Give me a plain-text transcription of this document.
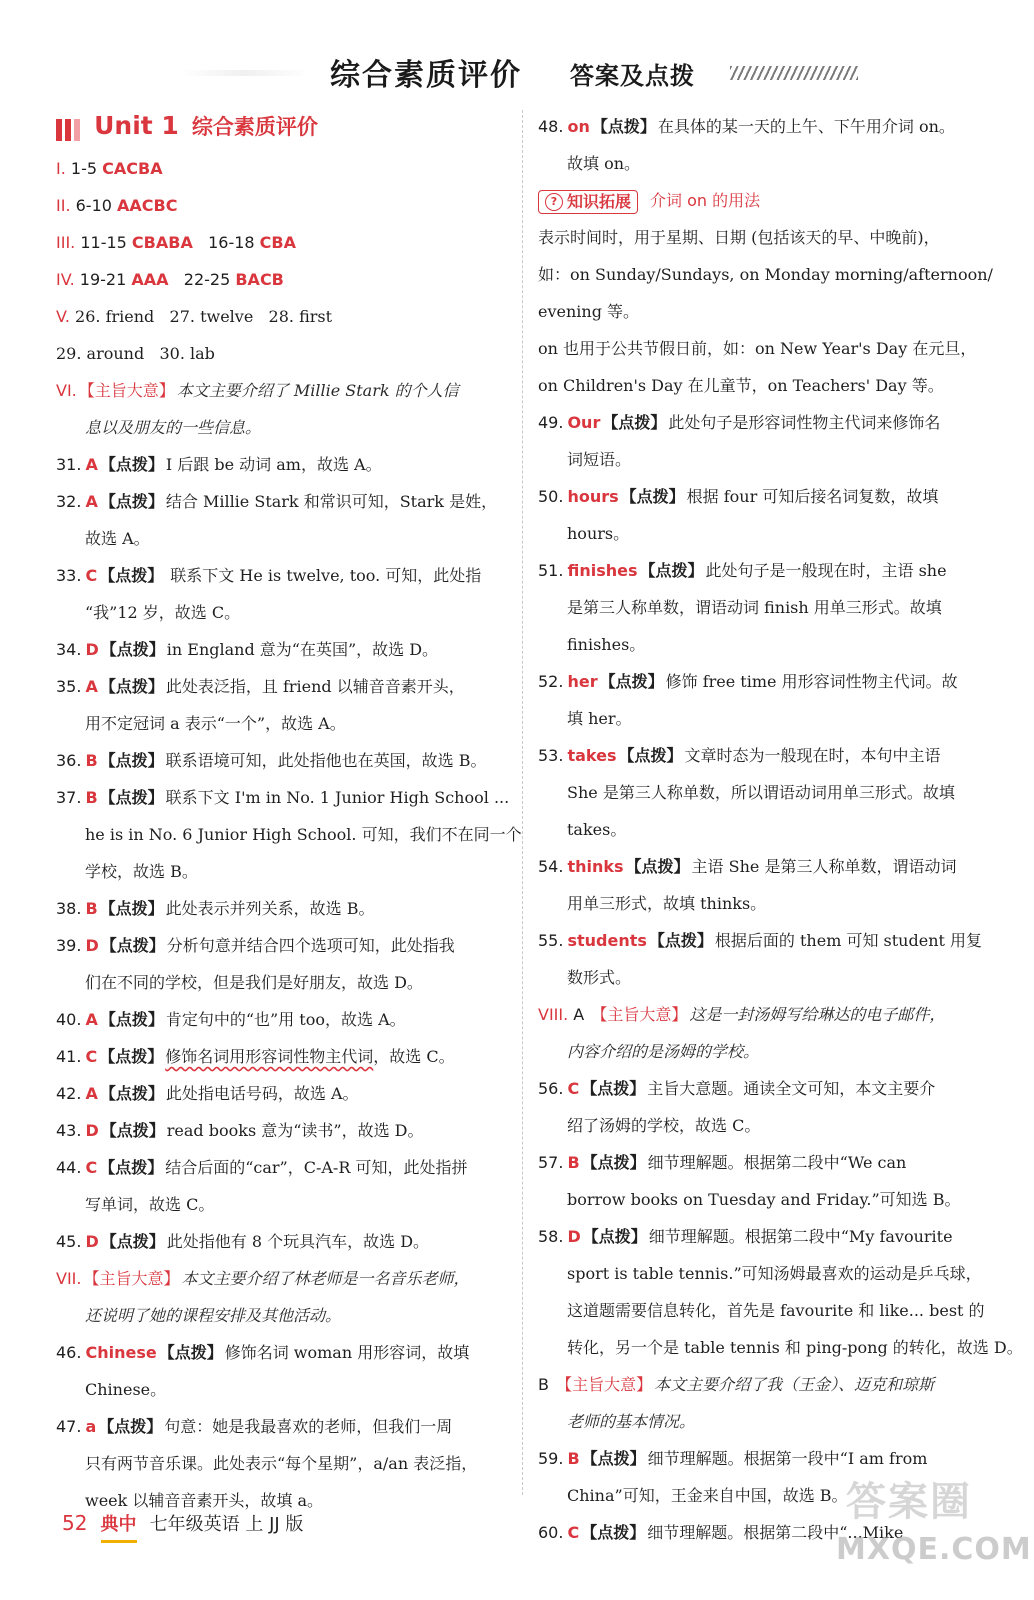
综合素质评价 答案及点拨
Unit 1 综合素质评价
I. 1-5 CACBA
II. 6-10 AACBC
III. 11-15 CBABA   16-18 CBA
IV. 19-21 AAA   22-25 BACB
V. 26. friend   27. twelve   28. first
29. around   30. lab
VI. 【主旨大意】 本文主要介绍了 Millie Stark 的个人信
息以及朋友的一些信息。
31. A 【点拨】 I 后跟 be 动词 am，故选 A。
32. A 【点拨】 结合 Millie Stark 和常识可知，Stark 是姓，
故选 A。
33. C 【点拨】 联系下文 He is twelve, too. 可知，此处指
“我”12 岁，故选 C。
34. D 【点拨】 in England 意为“在英国”，故选 D。
35. A 【点拨】 此处表泛指，且 friend 以辅音音素开头，
用不定冠词 a 表示“一个”，故选 A。
36. B 【点拨】 联系语境可知，此处指他也在英国，故选 B。
37. B 【点拨】 联系下文 I'm in No. 1 Junior High School ...
he is in No. 6 Junior High School. 可知，我们不在同一个
学校，故选 B。
38. B 【点拨】 此处表示并列关系，故选 B。
39. D 【点拨】 分析句意并结合四个选项可知，此处指我
们在不同的学校，但是我们是好朋友，故选 D。
40. A 【点拨】 肯定句中的“也”用 too，故选 A。
41. C 【点拨】 修饰名词用形容词性物主代词，故选 C。
42. A 【点拨】 此处指电话号码，故选 A。
43. D 【点拨】 read books 意为“读书”，故选 D。
44. C 【点拨】 结合后面的“car”，C-A-R 可知，此处指拼
写单词，故选 C。
45. D 【点拨】 此处指他有 8 个玩具汽车，故选 D。
VII. 【主旨大意】 本文主要介绍了林老师是一名音乐老师，
还说明了她的课程安排及其他活动。
46. Chinese 【点拨】 修饰名词 woman 用形容词，故填
Chinese。
47. a 【点拨】 句意：她是我最喜欢的老师，但我们一周
只有两节音乐课。此处表示“每个星期”，a/an 表泛指，
week 以辅音音素开头，故填 a。
48. on 【点拨】 在具体的某一天的上午、下午用介词 on。
故填 on。
? 知识拓展 介词 on 的用法
表示时间时，用于星期、日期 (包括该天的早、中晚前)，
如：on Sunday/Sundays, on Monday morning/afternoon/
evening 等。
on 也用于公共节假日前，如：on New Year's Day 在元旦，
on Children's Day 在儿童节，on Teachers' Day 等。
49. Our 【点拨】 此处句子是形容词性物主代词来修饰名
词短语。
50. hours 【点拨】 根据 four 可知后接名词复数，故填
hours。
51. finishes 【点拨】 此处句子是一般现在时，主语 she
是第三人称单数，谓语动词 finish 用单三形式。故填
finishes。
52. her 【点拨】 修饰 free time 用形容词性物主代词。故
填 her。
53. takes 【点拨】 文章时态为一般现在时，本句中主语
She 是第三人称单数，所以谓语动词用单三形式。故填
takes。
54. thinks 【点拨】 主语 She 是第三人称单数，谓语动词
用单三形式，故填 thinks。
55. students 【点拨】 根据后面的 them 可知 student 用复
数形式。
VIII. A 【主旨大意】 这是一封汤姆写给琳达的电子邮件，
内容介绍的是汤姆的学校。
56. C 【点拨】 主旨大意题。通读全文可知，本文主要介
绍了汤姆的学校，故选 C。
57. B 【点拨】 细节理解题。根据第二段中“We can
borrow books on Tuesday and Friday.”可知选 B。
58. D 【点拨】 细节理解题。根据第二段中“My favourite
sport is table tennis.”可知汤姆最喜欢的运动是乒乓球，
这道题需要信息转化，首先是 favourite 和 like... best 的
转化，另一个是 table tennis 和 ping-pong 的转化，故选 D。
B 【主旨大意】 本文主要介绍了我（王金）、迈克和琼斯
老师的基本情况。
59. B 【点拨】 细节理解题。根据第一段中“I am from
China”可知，王金来自中国，故选 B。
60. C 【点拨】 细节理解题。根据第二段中“...Mike
52 典中 七年级英语 上 JJ 版	答案圈
MXQE.COM
